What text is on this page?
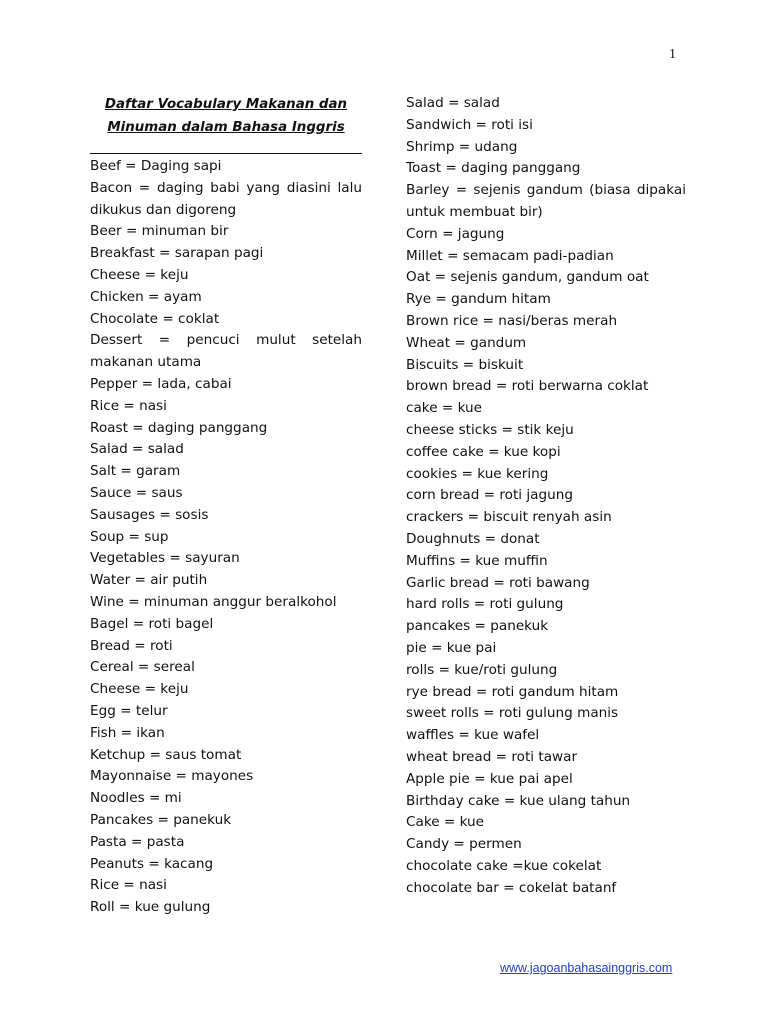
1
Daftar Vocabulary Makanan dan
Minuman dalam Bahasa Inggris
Beef = Daging sapi
Bacon = daging babi yang diasini lalu dikukus dan digoreng
Beer = minuman bir
Breakfast = sarapan pagi
Cheese = keju
Chicken = ayam
Chocolate = coklat
Dessert = pencuci mulut setelah makanan utama
Pepper = lada, cabai
Rice = nasi
Roast = daging panggang
Salad = salad
Salt = garam
Sauce = saus
Sausages = sosis
Soup = sup
Vegetables = sayuran
Water = air putih
Wine = minuman anggur beralkohol
Bagel = roti bagel
Bread = roti
Cereal = sereal
Cheese = keju
Egg = telur
Fish = ikan
Ketchup = saus tomat
Mayonnaise = mayones
Noodles = mi
Pancakes = panekuk
Pasta = pasta
Peanuts = kacang
Rice = nasi
Roll = kue gulung
Salad = salad
Sandwich = roti isi
Shrimp = udang
Toast = daging panggang
Barley = sejenis gandum (biasa dipakai untuk membuat bir)
Corn = jagung
Millet = semacam padi-padian
Oat = sejenis gandum, gandum oat
Rye = gandum hitam
Brown rice = nasi/beras merah
Wheat = gandum
Biscuits = biskuit
brown bread = roti berwarna coklat
cake = kue
cheese sticks = stik keju
coffee cake = kue kopi
cookies = kue kering
corn bread = roti jagung
crackers = biscuit renyah asin
Doughnuts = donat
Muffins = kue muffin
Garlic bread = roti bawang
hard rolls = roti gulung
pancakes = panekuk
pie = kue pai
rolls = kue/roti gulung
rye bread = roti gandum hitam
sweet rolls = roti gulung manis
waffles = kue wafel
wheat bread = roti tawar
Apple pie = kue pai apel
Birthday cake = kue ulang tahun
Cake = kue
Candy = permen
chocolate cake =kue cokelat
chocolate bar = cokelat batanf
www.jagoanbahasainggris.com
